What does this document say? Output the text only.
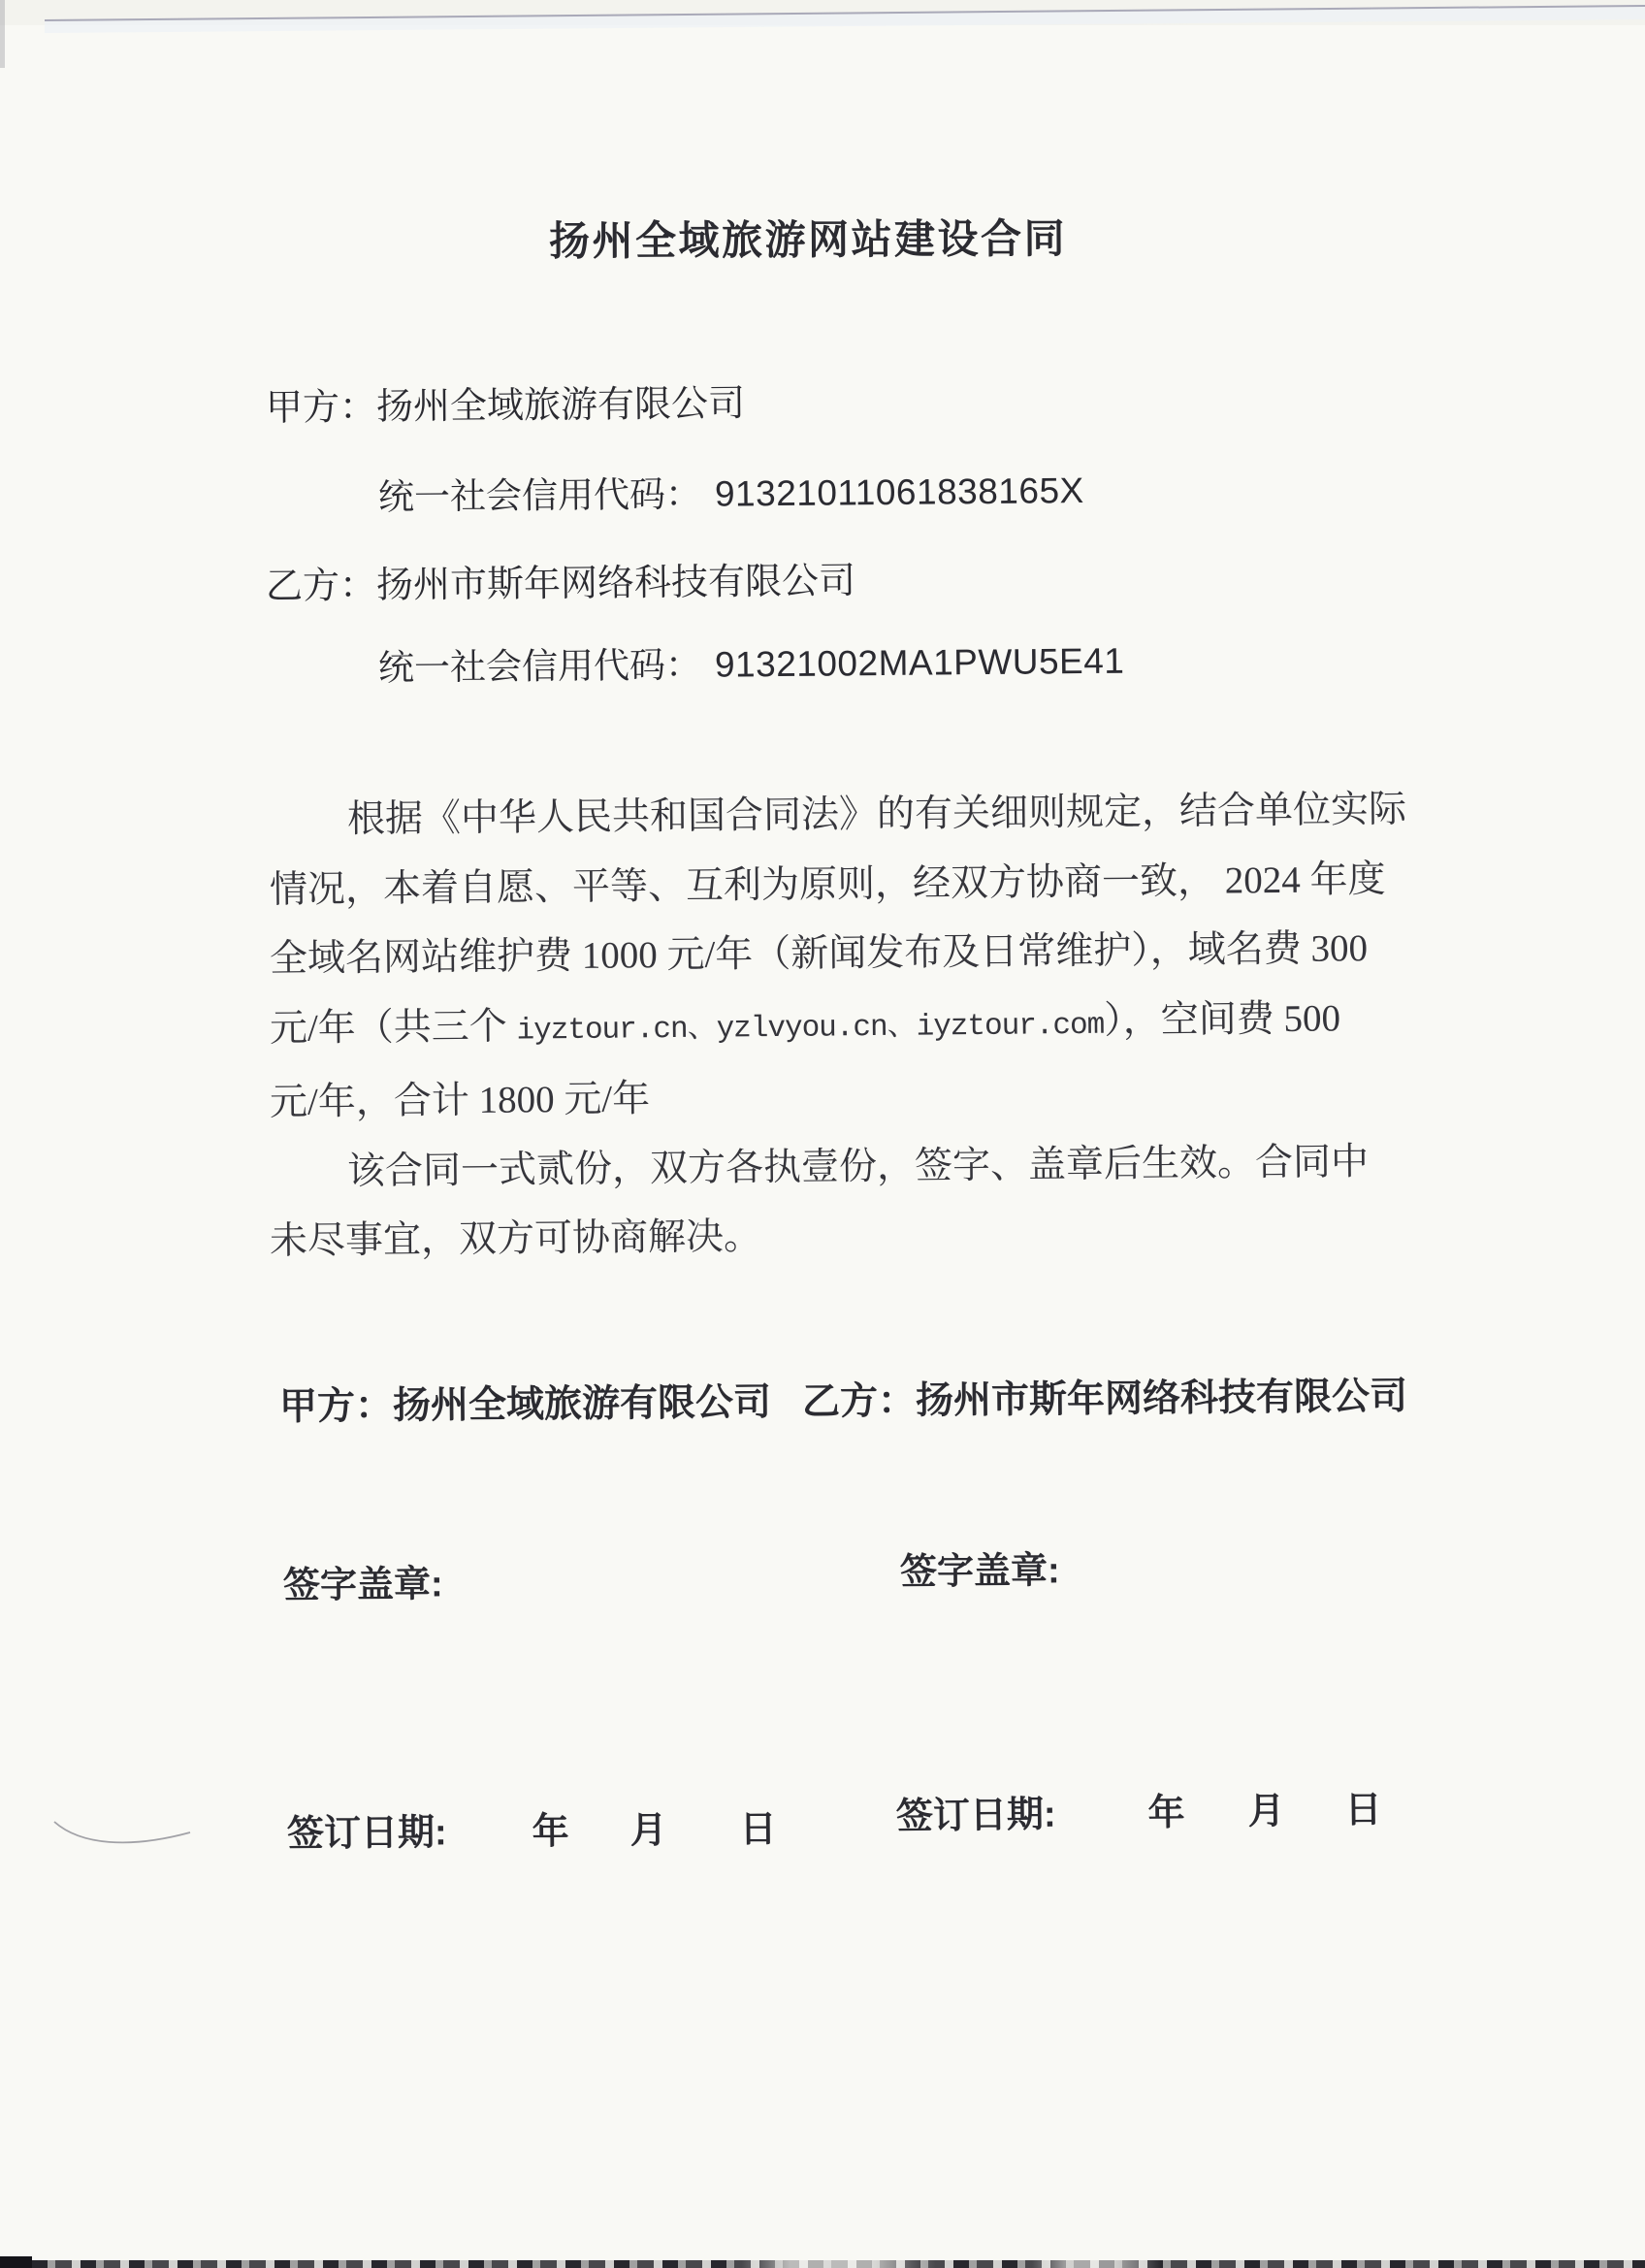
扬州全域旅游网站建设合同
甲方：扬州全域旅游有限公司
统一社会信用代码： 91321011061838165X
乙方：扬州市斯年网络科技有限公司
统一社会信用代码： 91321002MA1PWU5E41
根据《中华人民共和国合同法》的有关细则规定，结合单位实际
情况，本着自愿、平等、互利为原则，经双方协商一致， 2024 年度
全域名网站维护费 1000 元/年（新闻发布及日常维护），域名费 300
元/年（共三个 iyztour.cn、yzlvyou.cn、iyztour.com），空间费 500
元/年，合计 1800 元/年
该合同一式贰份，双方各执壹份，签字、盖章后生效。合同中
未尽事宜，双方可协商解决。
甲方：扬州全域旅游有限公司 乙方：扬州市斯年网络科技有限公司
签字盖章:	签字盖章:
签订日期: 年 月 日	签订日期: 年 月 日
